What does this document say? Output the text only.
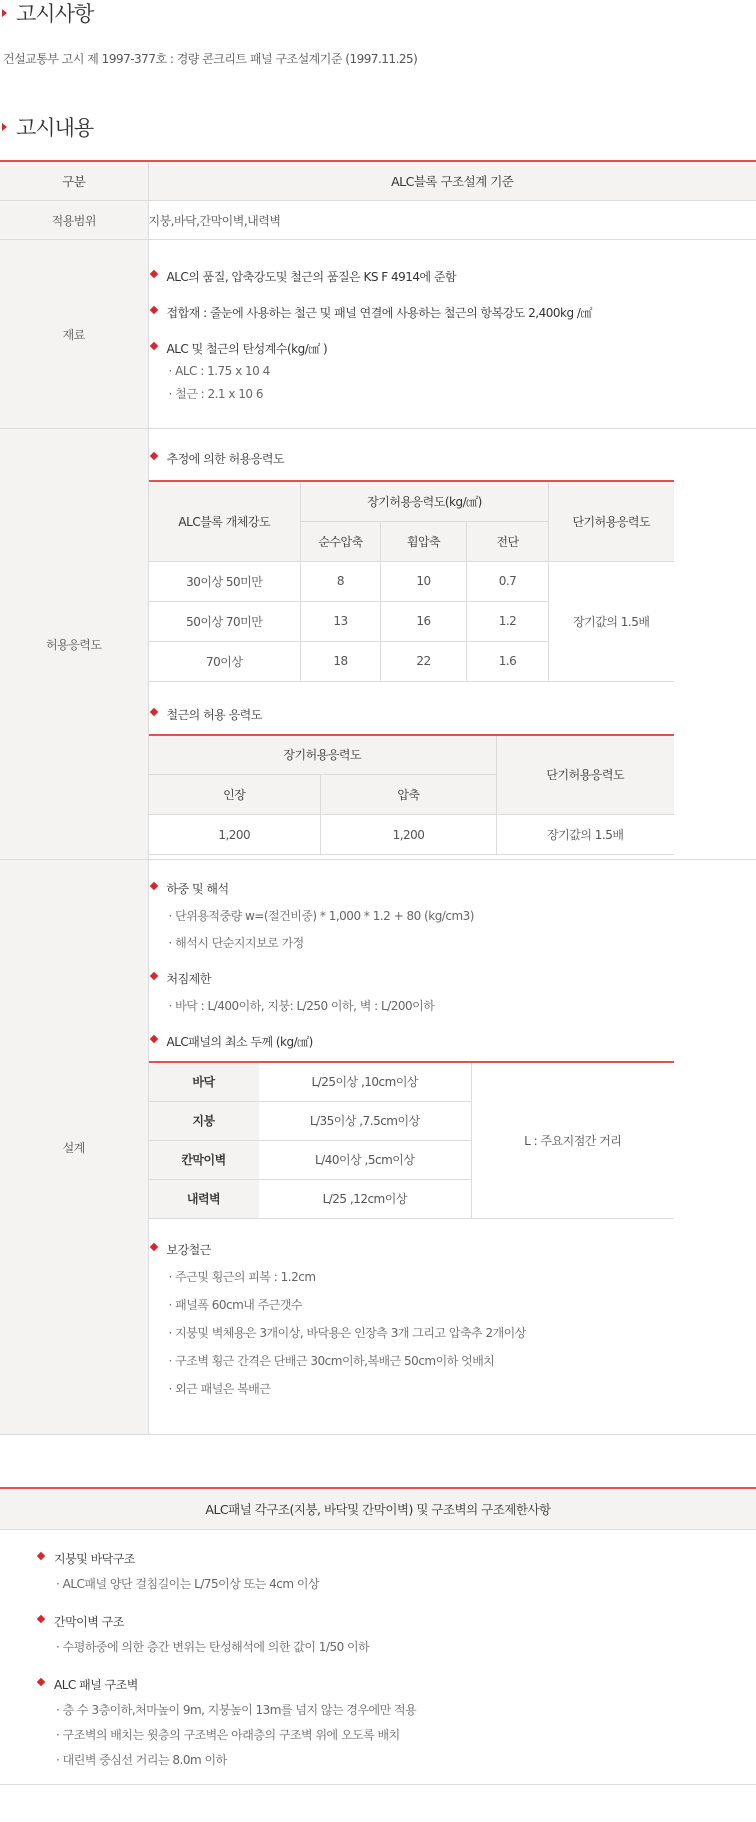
고시사항
건설교통부 고시 제 1997-377호 : 경량 콘크리트 패널 구조설계기준 (1997.11.25)
고시내용
구분	ALC블록 구조설계 기준
적용범위	지붕,바닥,간막이벽,내력벽
재료	

ALC의 품질, 압축강도및 철근의 품질은 KS F 4914에 준함

접합재 : 줄눈에 사용하는 철근 및 패널 연결에 사용하는 철근의 항복강도 2,400kg /㎠

ALC 및 철근의 탄성계수(kg/㎠ )

· ALC : 1.75 x 10 4

· 철근 : 2.1 x 10 6

허용응력도	

추정에 의한 허용응력도

ALC블록 개체강도	장기허용응력도(kg/㎠)	단기허용응력도
순수압축	휨압축	전단
30이상 50미만	8	10	0.7	장기값의 1.5배
50이상 70미만	13	16	1.2
70이상	18	22	1.6

철근의 허용 응력도

장기허용응력도	단기허용응력도
인장	압축
1,200	1,200	장기값의 1.5배

설계	

하중 및 해석

· 단위용적중량 w=(절건비중) * 1,000 * 1.2 + 80 (kg/cm3)

· 해석시 단순지지보로 가정

처짐제한

· 바닥 : L/400이하, 지붕: L/250 이하, 벽 : L/200이하

ALC패널의 최소 두께 (kg/㎠)

바닥	L/25이상 ,10cm이상	L : 주요지점간 거리
지붕	L/35이상 ,7.5cm이상
칸막이벽	L/40이상 ,5cm이상
내력벽	L/25 ,12cm이상

보강철근

· 주근및 횡근의 피복 : 1.2cm

· 패널폭 60cm내 주근갯수

· 지붕및 벽체용은 3개이상, 바닥용은 인장측 3개 그리고 압축추 2개이상

· 구조벽 횡근 간격은 단배근 30cm이하,복배근 50cm이하 엇배치

· 외근 패널은 복배근

ALC패널 각구조(지붕, 바닥및 간막이벽) 및 구조벽의 구조제한사항

지붕및 바닥구조

· ALC패널 양단 걸침길이는 L/75이상 또는 4cm 이상

간막이벽 구조

· 수평하중에 의한 층간 변위는 탄성해석에 의한 값이 1/50 이하

ALC 패널 구조벽

· 층 수 3층이하,처마높이 9m, 지붕높이 13m를 넘지 않는 경우에만 적용

· 구조벽의 배치는 윗층의 구조벽은 아래층의 구조벽 위에 오도록 배치

· 대린벽 중심선 거리는 8.0m 이하
